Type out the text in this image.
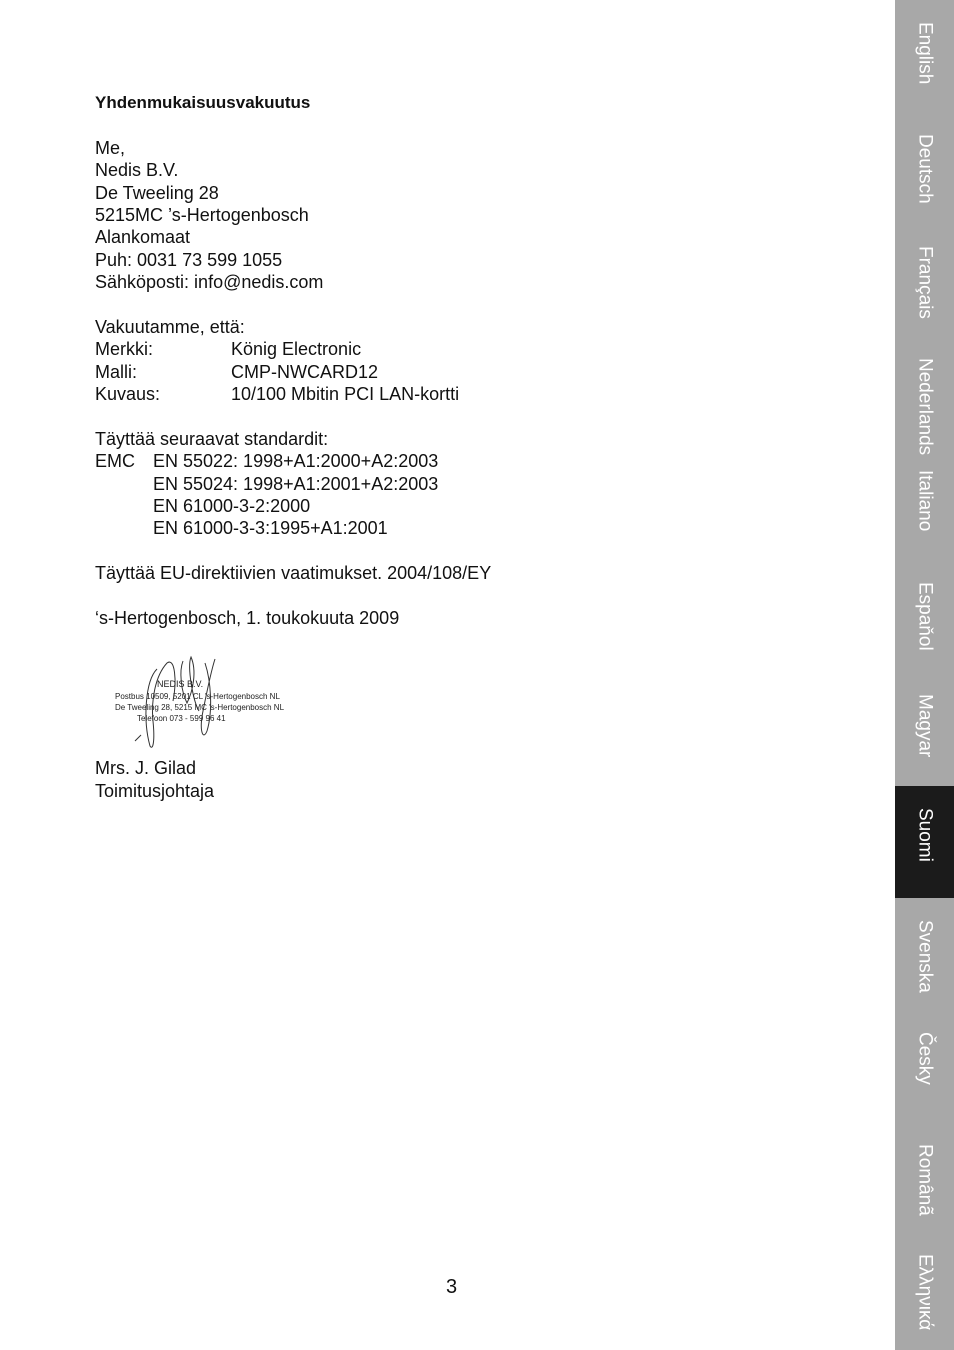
Yhdenmukaisuusvakuutus
Me,
Nedis B.V.
De Tweeling 28
5215MC ’s-Hertogenbosch
Alankomaat
Puh: 0031 73 599 1055
Sähköposti: info@nedis.com
Vakuutamme, että:
Merkki:	König Electronic
Malli:	CMP-NWCARD12
Kuvaus:	10/100 Mbitin PCI LAN-kortti
Täyttää seuraavat standardit:
EMC EN 55022: 1998+A1:2000+A2:2003
EN 55024: 1998+A1:2001+A2:2003
EN 61000-3-2:2000
EN 61000-3-3:1995+A1:2001
Täyttää EU-direktiivien vaatimukset. 2004/108/EY
‘s-Hertogenbosch, 1. toukokuuta 2009
NEDIS B.V.
Postbus 10509, 5201 CL 's-Hertogenbosch NL
De Tweeling 28, 5215 MC 's-Hertogenbosch NL
Telefoon 073 - 599 96 41
Mrs. J. Gilad
Toimitusjohtaja
3
English
Deutsch
Français
Nederlands
Italiano
Espaňol
Magyar
Suomi
Svenska
Česky
Românã
Ελληνικά
